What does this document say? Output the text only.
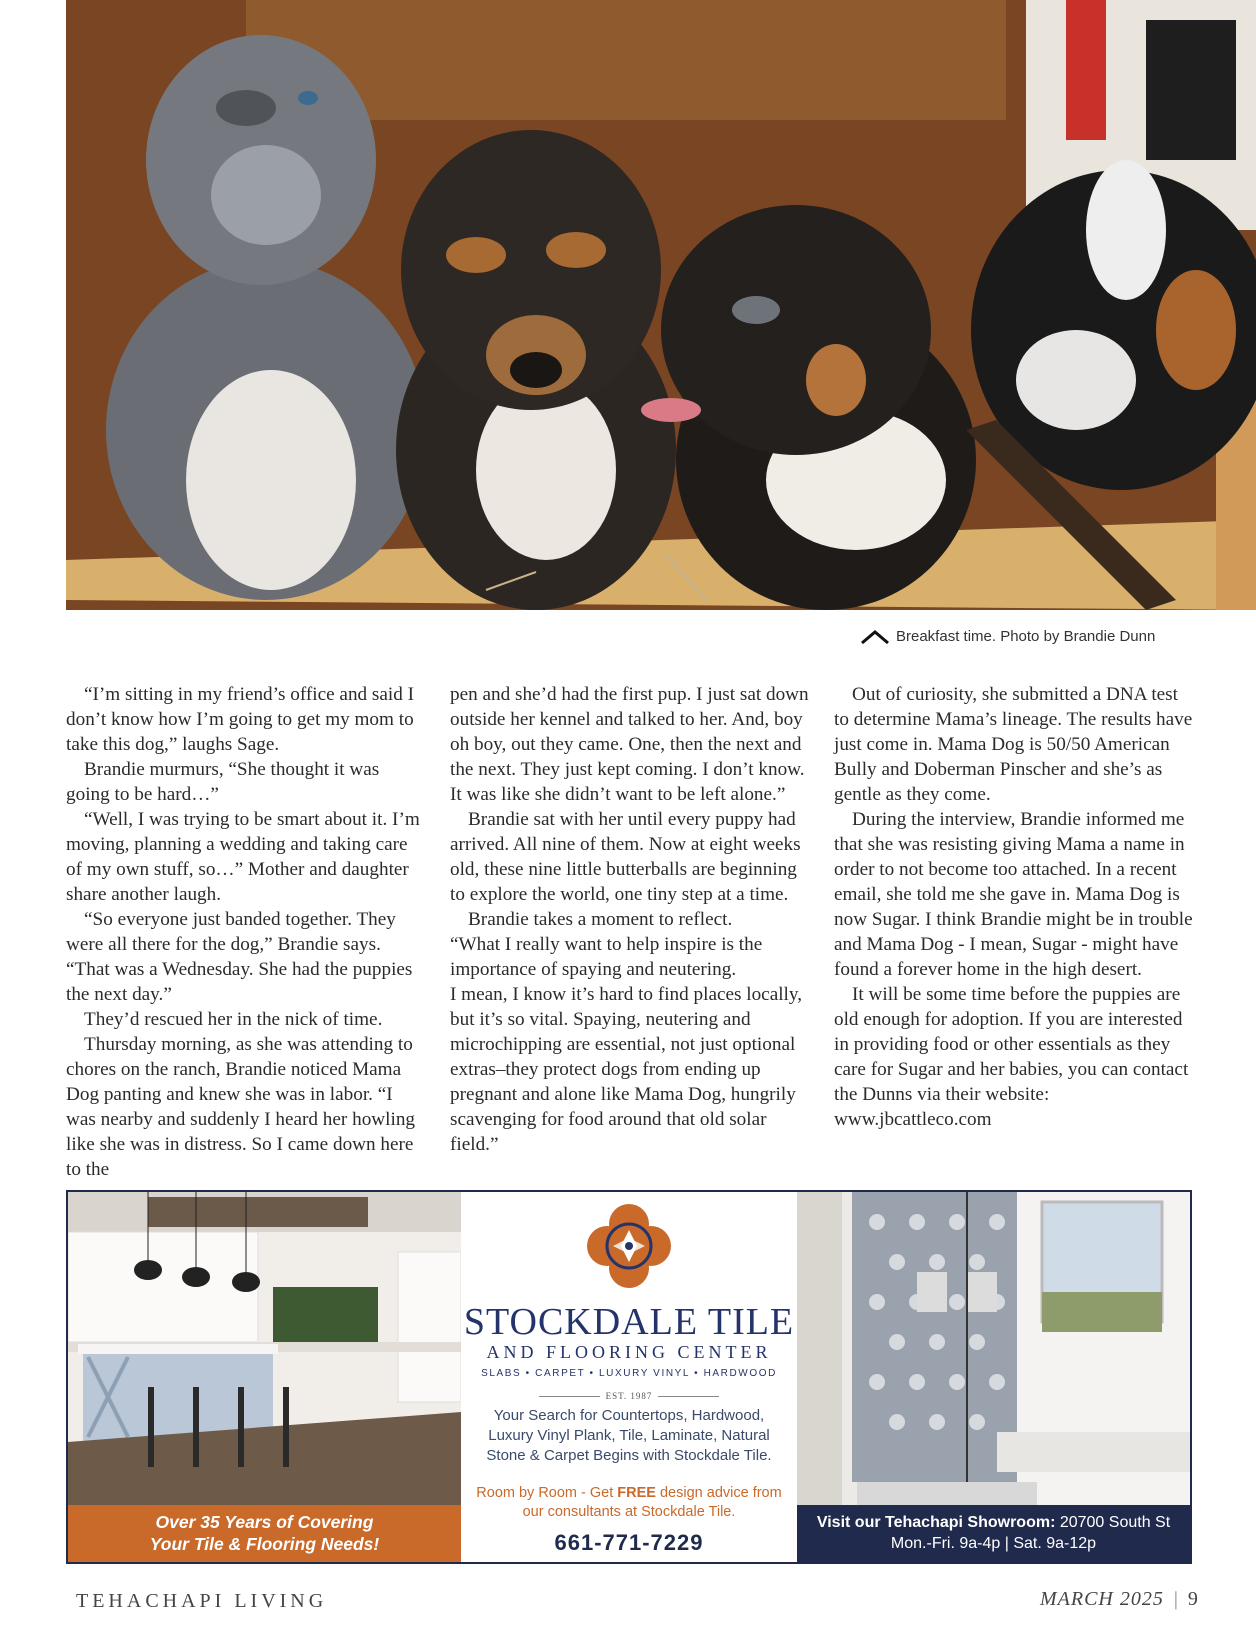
Breakfast time. Photo by Brandie Dunn

“I’m sitting in my friend’s office and said I don’t know how I’m going to get my mom to take this dog,” laughs Sage.

Brandie murmurs, “She thought it was going to be hard…”

“Well, I was trying to be smart about it. I’m moving, planning a wedding and taking care of my own stuff, so…” Mother and daughter share another laugh.

“So everyone just banded together. They were all there for the dog,” Brandie says. “That was a Wednesday. She had the puppies the next day.”

They’d rescued her in the nick of time.

Thursday morning, as she was attending to chores on the ranch, Brandie noticed Mama Dog panting and knew she was in labor. “I was nearby and suddenly I heard her howling like she was in distress. So I came down here to the

pen and she’d had the first pup. I just sat down outside her kennel and talked to her. And, boy oh boy, out they came. One, then the next and the next. They just kept coming. I don’t know. It was like she didn’t want to be left alone.”

Brandie sat with her until every puppy had arrived. All nine of them. Now at eight weeks old, these nine little butterballs are beginning to explore the world, one tiny step at a time.

Brandie takes a moment to reflect.

“What I really want to help inspire is the importance of spaying and neutering.

I mean, I know it’s hard to find places locally, but it’s so vital. Spaying, neutering and microchipping are essential, not just optional extras–they protect dogs from ending up pregnant and alone like Mama Dog, hungrily scavenging for food around that old solar field.”

Out of curiosity, she submitted a DNA test to determine Mama’s lineage. The results have just come in. Mama Dog is 50/50 American Bully and Doberman Pinscher and she’s as gentle as they come.

During the interview, Brandie informed me that she was resisting giving Mama a name in order to not become too attached. In a recent email, she told me she gave in. Mama Dog is now Sugar. I think Brandie might be in trouble and Mama Dog - I mean, Sugar - might have found a forever home in the high desert.

It will be some time before the puppies are old enough for adoption. If you are interested in providing food or other essentials as they care for Sugar and her babies, you can contact the Dunns via their website: www.jbcattleco.com

Over 35 Years of Covering
Your Tile & Flooring Needs!
STOCKDALE TILE
AND FLOORING CENTER
SLABS • CARPET • LUXURY VINYL • HARDWOOD
EST. 1987
Your Search for Countertops, Hardwood, Luxury Vinyl Plank, Tile, Laminate, Natural Stone & Carpet Begins with Stockdale Tile.
Room by Room - Get FREE design advice from our consultants at Stockdale Tile.
661-771-7229
Visit our Tehachapi Showroom: 20700 South St
Mon.-Fri. 9a-4p | Sat. 9a-12p
TEHACHAPI LIVING	MARCH 2025 | 9
